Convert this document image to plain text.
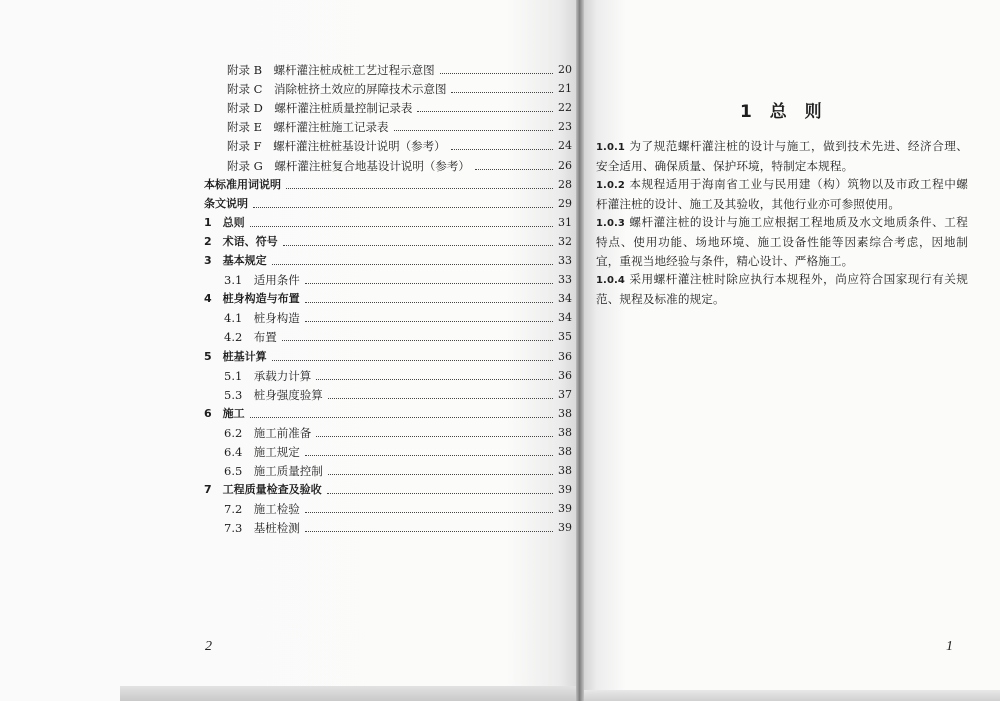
附录 B　螺杆灌注桩成桩工艺过程示意图	20
附录 C　消除桩挤土效应的屏障技术示意图	21
附录 D　螺杆灌注桩质量控制记录表	22
附录 E　螺杆灌注桩施工记录表	23
附录 F　螺杆灌注桩桩基设计说明（参考）	24
附录 G　螺杆灌注桩复合地基设计说明（参考）	26
本标准用词说明	28
条文说明	29
1　总则	31
2　术语、符号	32
3　基本规定	33
3.1　适用条件	33
4　桩身构造与布置	34
4.1　桩身构造	34
4.2　布置	35
5　桩基计算	36
5.1　承载力计算	36
5.3　桩身强度验算	37
6　施工	38
6.2　施工前准备	38
6.4　施工规定	38
6.5　施工质量控制	38
7　工程质量检查及验收	39
7.2　施工检验	39
7.3　基桩检测	39
2
1 总 则
1.0.1 为了规范螺杆灌注桩的设计与施工，做到技术先进、经济合理、安全适用、确保质量、保护环境，特制定本规程。
1.0.2 本规程适用于海南省工业与民用建（构）筑物以及市政工程中螺杆灌注桩的设计、施工及其验收，其他行业亦可参照使用。
1.0.3 螺杆灌注桩的设计与施工应根据工程地质及水文地质条件、工程特点、使用功能、场地环境、施工设备性能等因素综合考虑，因地制宜，重视当地经验与条件，精心设计、严格施工。
1.0.4 采用螺杆灌注桩时除应执行本规程外，尚应符合国家现行有关规范、规程及标准的规定。
1
